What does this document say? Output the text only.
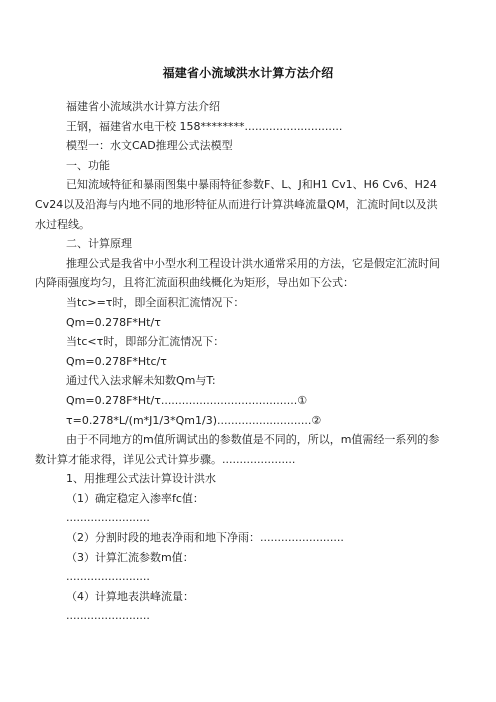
福建省小流域洪水计算方法介绍

福建省小流域洪水计算方法介绍

王钢，福建省水电干校 158********............................

模型一：水文CAD推理公式法模型

一、功能

已知流域特征和暴雨图集中暴雨特征参数F、L、J和H1 Cv1、H6 Cv6、H24 Cv24以及沿海与内地不同的地形特征从而进行计算洪峰流量QM，汇流时间t以及洪水过程线。

二、计算原理

推理公式是我省中小型水利工程设计洪水通常采用的方法，它是假定汇流时间内降雨强度均匀，且将汇流面积曲线概化为矩形，导出如下公式：

当tc>=τ时，即全面积汇流情况下：

Qm=0.278F*Ht/τ

当tc<τ时，即部分汇流情况下：

Qm=0.278F*Htc/τ

通过代入法求解未知数Qm与T:

Qm=0.278F*Ht/τ.......................................①

τ=0.278*L/(m*J1/3*Qm1/3)...........................②

由于不同地方的m值所调试出的参数值是不同的，所以，m值需经一系列的参数计算才能求得，详见公式计算步骤。.....................

1、用推理公式法计算设计洪水

（1）确定稳定入渗率fc值：

........................

（2）分割时段的地表净雨和地下净雨：........................

（3）计算汇流参数m值：

........................

（4）计算地表洪峰流量：

........................
